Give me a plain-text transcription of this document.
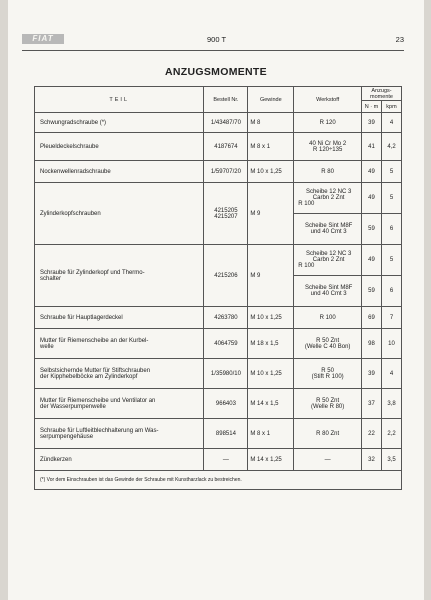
FIAT	900 T	23
ANZUGSMOMENTE
TEIL	Bestell Nr.	Gewinde	Werkstoff	Anzugs-
momente	
				N · m	kpm
Schwungradschraube (*)	1/43487/70	M 8	R 120	39	4
Pleueldeckelschraube	4187674	M 8 x 1	40 Ni Cr Mo 2
R 120÷135	41	4,2
Nockenwellenradschraube	1/59707/20	M 10 x 1,25	R 80	49	5
Zylinderkopfschrauben	4215205
4215207	M 9	Scheibe 12 NC 3
Carbn 2 Znt
R 100	49	5

			Scheibe Sint M8F
und 40 Cmt 3	59	6
Schraube für Zylinderkopf und Thermo-
schalter	4215206	M 9	Scheibe 12 NC 3
Carbn 2 Znt
R 100	49	5

			Scheibe Sint M8F
und 40 Cmt 3	59	6
Schraube für Hauptlagerdeckel	4263780	M 10 x 1,25	R 100	69	7
Mutter für Riemenscheibe an der Kurbel-
welle	4064759	M 18 x 1,5	R 50 Znt
(Welle C 40 Bon)	98	10
Selbstsichernde Mutter für Stiftschrauben
der Kipphebelböcke am Zylinderkopf	1/35980/10	M 10 x 1,25	R 50
(Stift R 100)	39	4
Mutter für Riemenscheibe und Ventilator an
der Wasserpumpenwelle	966403	M 14 x 1,5	R 50 Znt
(Welle R 80)	37	3,8
Schraube für Luftleitblechhalterung am Was-
serpumpengehäuse	898514	M 8 x 1	R 80 Znt	22	2,2
Zündkerzen	—	M 14 x 1,25	—	32	3,5
(*) Vor dem Einschrauben ist das Gewinde der Schraube mit Kunstharzlack zu bestreichen.					
